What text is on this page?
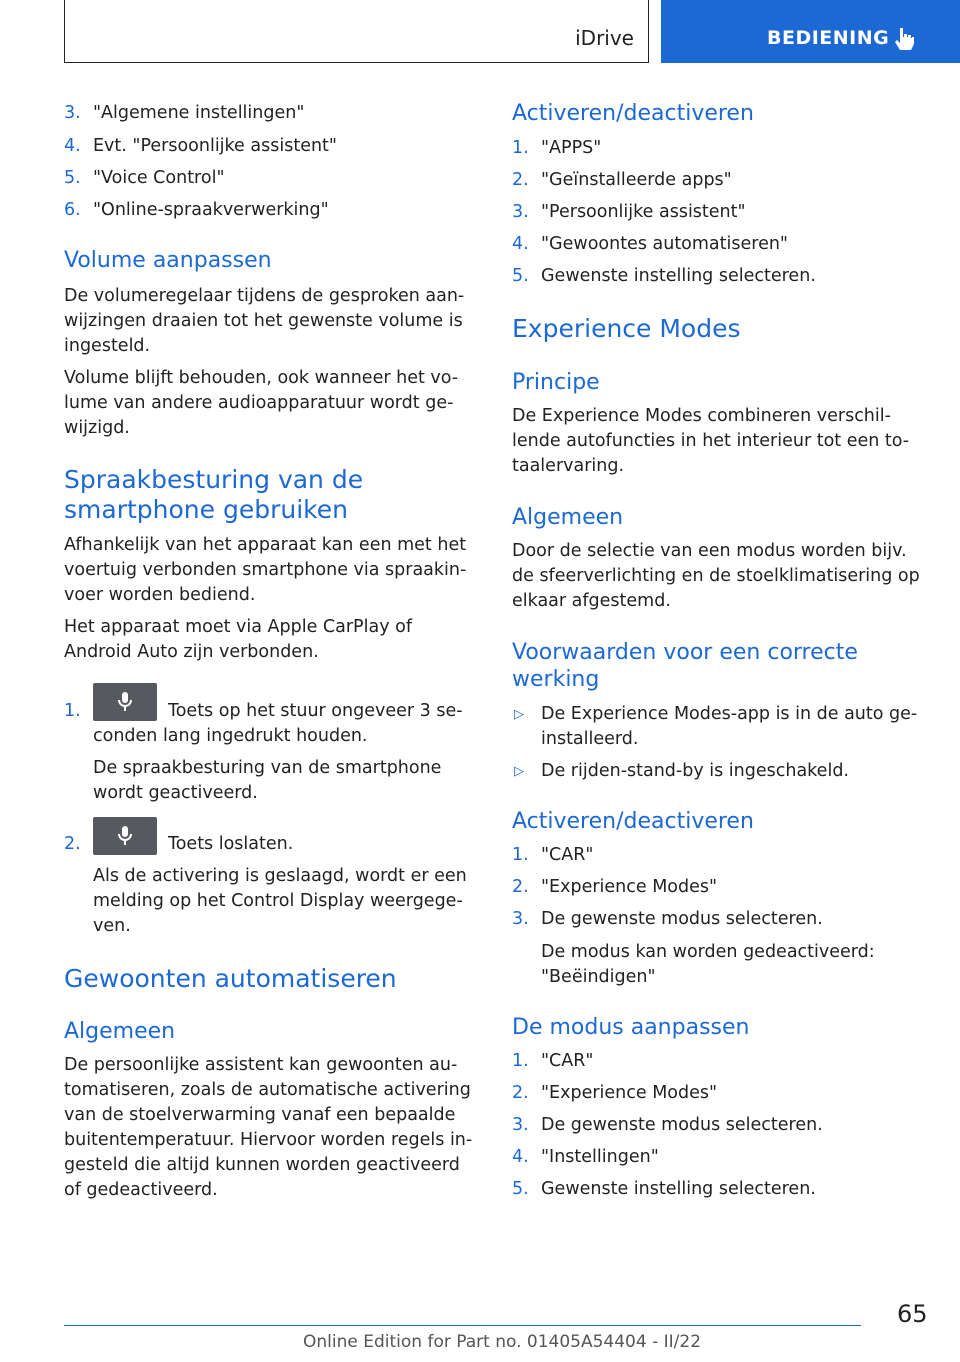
iDrive	BEDIENING
3. "Algemene instellingen"
4. Evt. "Persoonlijke assistent"
5. "Voice Control"
6. "Online-spraakverwerking"
Volume aanpassen
De volumeregelaar tijdens de gesproken aan-
wijzingen draaien tot het gewenste volume is
ingesteld.
Volume blijft behouden, ook wanneer het vo-
lume van andere audioapparatuur wordt ge-
wijzigd.
Spraakbesturing van de
smartphone gebruiken
Afhankelijk van het apparaat kan een met het
voertuig verbonden smartphone via spraakin-
voer worden bediend.
Het apparaat moet via Apple CarPlay of
Android Auto zijn verbonden.
1.	Toets op het stuur ongeveer 3 se-
conden lang ingedrukt houden.
De spraakbesturing van de smartphone
wordt geactiveerd.
2.	Toets loslaten.
Als de activering is geslaagd, wordt er een
melding op het Control Display weergege-
ven.
Gewoonten automatiseren
Algemeen
De persoonlijke assistent kan gewoonten au-
tomatiseren, zoals de automatische activering
van de stoelverwarming vanaf een bepaalde
buitentemperatuur. Hiervoor worden regels in-
gesteld die altijd kunnen worden geactiveerd
of gedeactiveerd.
Activeren/deactiveren
1. "APPS"
2. "Geïnstalleerde apps"
3. "Persoonlijke assistent"
4. "Gewoontes automatiseren"
5. Gewenste instelling selecteren.
Experience Modes
Principe
De Experience Modes combineren verschil-
lende autofuncties in het interieur tot een to-
taalervaring.
Algemeen
Door de selectie van een modus worden bijv.
de sfeerverlichting en de stoelklimatisering op
elkaar afgestemd.
Voorwaarden voor een correcte
werking
▷ De Experience Modes-app is in de auto ge-
installeerd.
▷ De rijden-stand-by is ingeschakeld.
Activeren/deactiveren
1. "CAR"
2. "Experience Modes"
3. De gewenste modus selecteren.
De modus kan worden gedeactiveerd:
"Beëindigen"
De modus aanpassen
1. "CAR"
2. "Experience Modes"
3. De gewenste modus selecteren.
4. "Instellingen"
5. Gewenste instelling selecteren.
65
Online Edition for Part no. 01405A54404 - II/22
